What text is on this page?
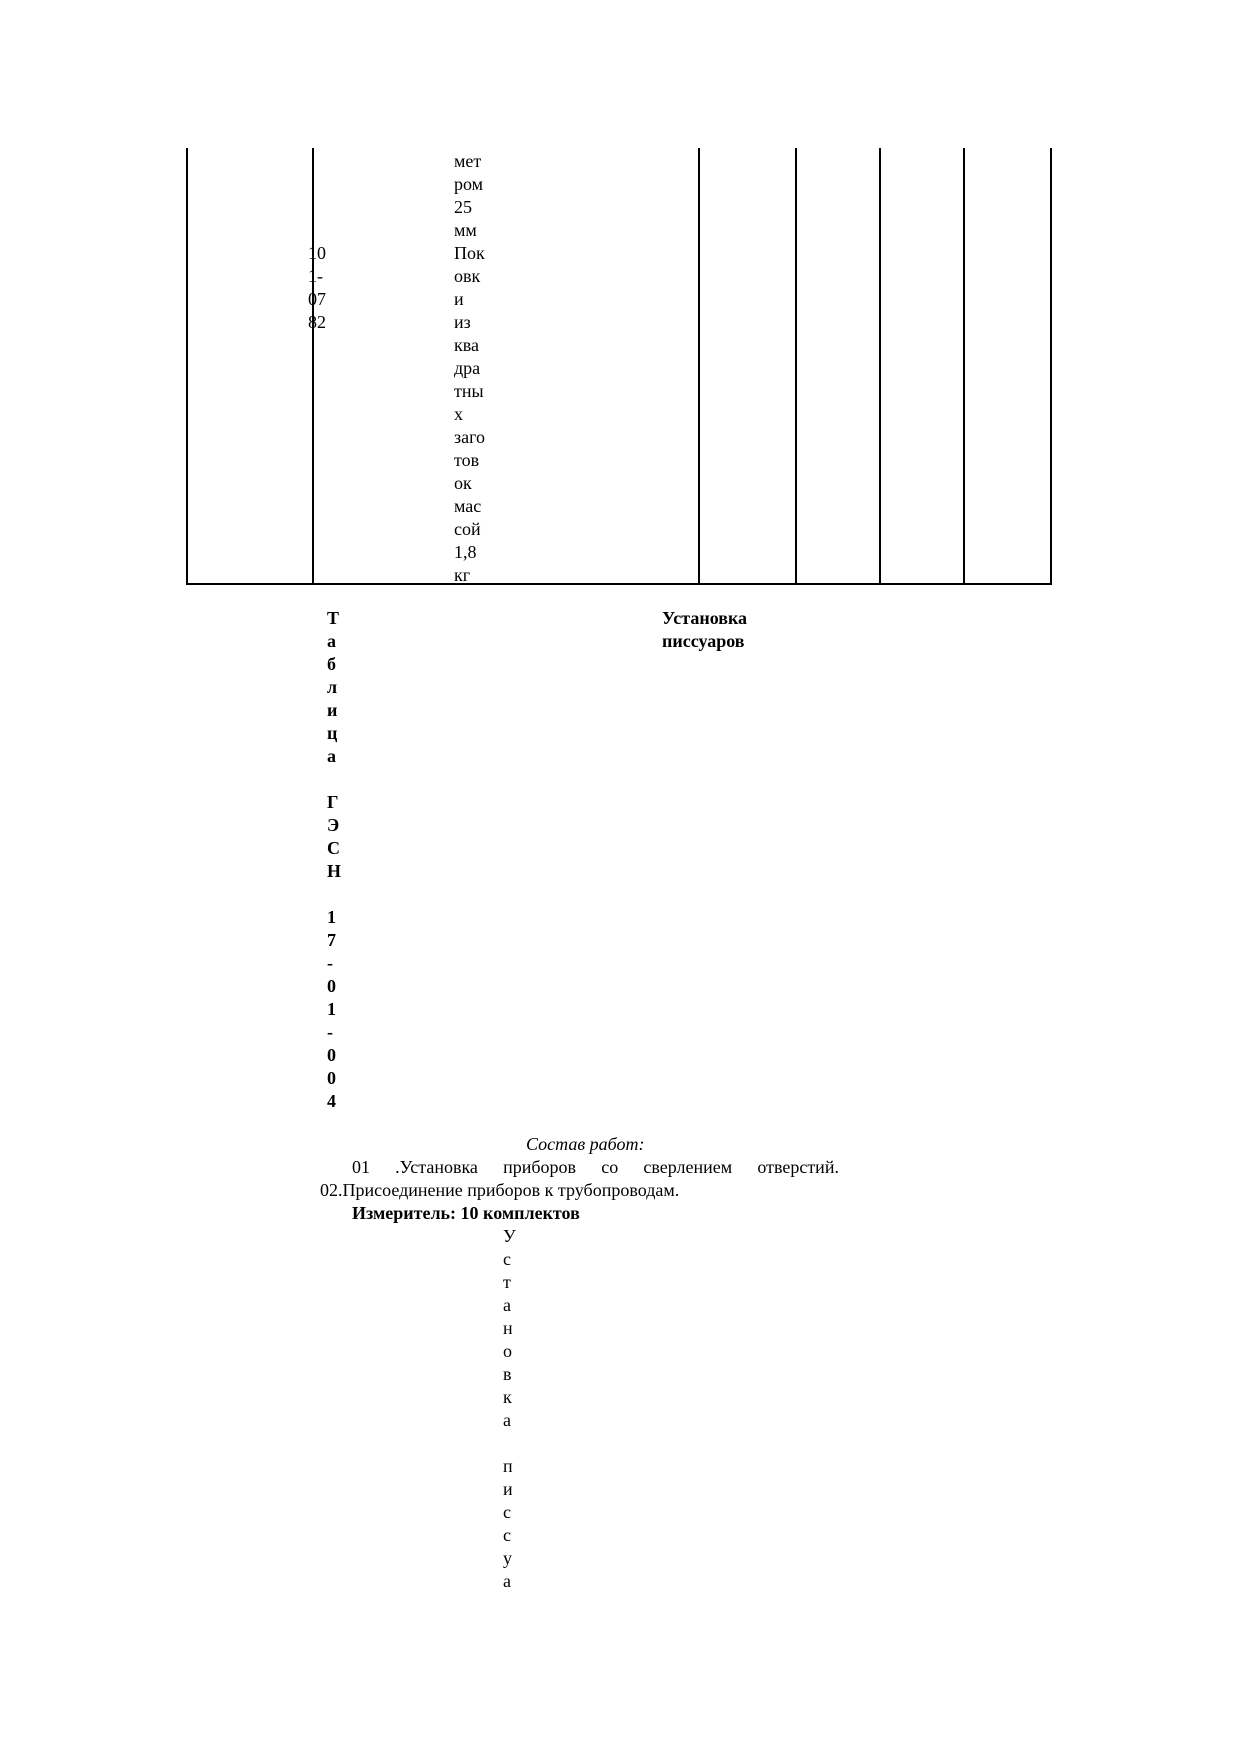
мет
ром
25
мм
10
1-
07
82
Пок
овк
и
из
ква
дра
тны
х
заго
тов
ок
мас
сой
1,8
кг
Т
а
б
л
и
ц
а
Г
Э
С
Н
1
7
-
0
1
-
0
0
4
Установка
писсуаров
Состав работ:
01 .Установка приборов со сверлением отверстий.
02.Присоединение приборов к трубопроводам.
Измеритель: 10 комплектов
У
с
т
а
н
о
в
к
а
п
и
с
с
у
а
